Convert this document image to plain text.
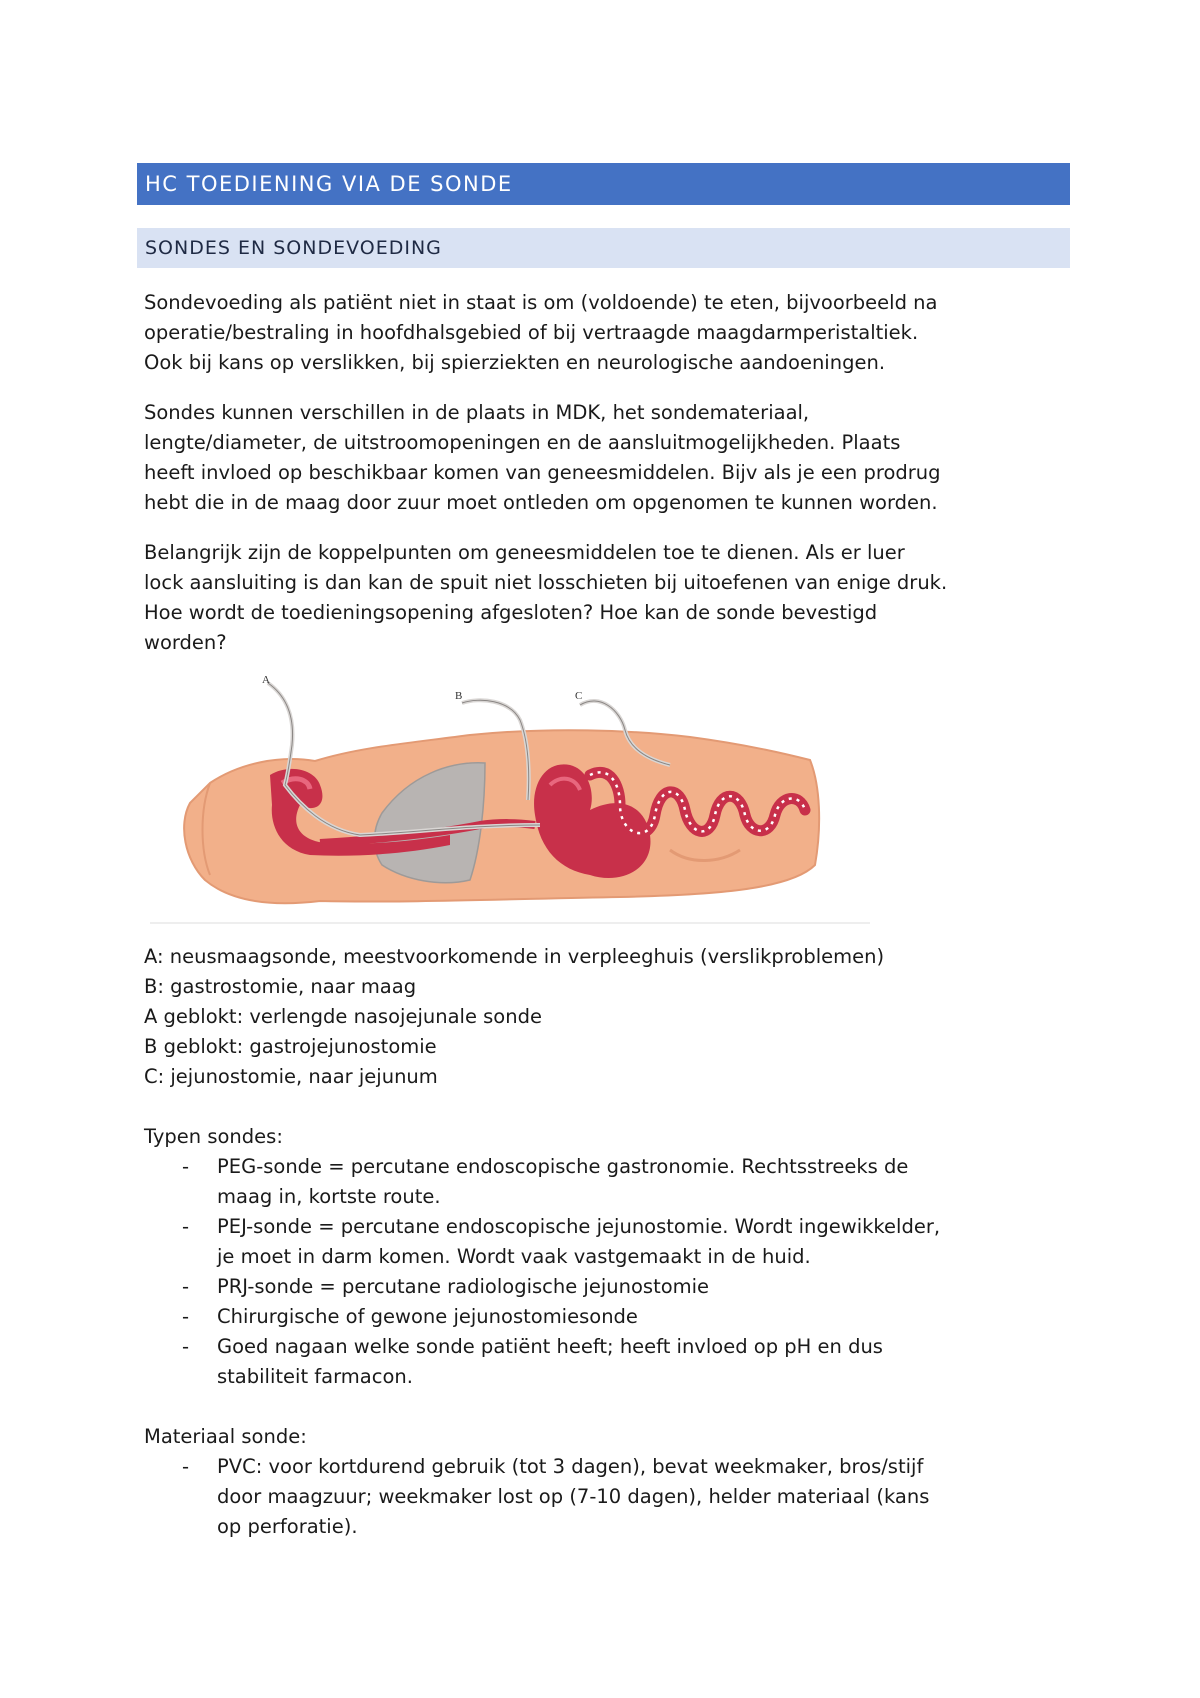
HC TOEDIENING VIA DE SONDE
SONDES EN SONDEVOEDING

Sondevoeding als patiënt niet in staat is om (voldoende) te eten, bijvoorbeeld na
operatie/bestraling in hoofdhalsgebied of bij vertraagde maagdarmperistaltiek.
Ook bij kans op verslikken, bij spierziekten en neurologische aandoeningen.

Sondes kunnen verschillen in de plaats in MDK, het sondemateriaal,
lengte/diameter, de uitstroomopeningen en de aansluitmogelijkheden. Plaats
heeft invloed op beschikbaar komen van geneesmiddelen. Bijv als je een prodrug
hebt die in de maag door zuur moet ontleden om opgenomen te kunnen worden.

Belangrijk zijn de koppelpunten om geneesmiddelen toe te dienen. Als er luer
lock aansluiting is dan kan de spuit niet losschieten bij uitoefenen van enige druk.
Hoe wordt de toedieningsopening afgesloten? Hoe kan de sonde bevestigd
worden?

A
B	C
A: neusmaagsonde, meestvoorkomende in verpleeghuis (verslikproblemen)
B: gastrostomie, naar maag
A geblokt: verlengde nasojejunale sonde
B geblokt: gastrojejunostomie
C: jejunostomie, naar jejunum
Typen sondes:
- PEG-sonde = percutane endoscopische gastronomie. Rechtsstreeks de
maag in, kortste route.
- PEJ-sonde = percutane endoscopische jejunostomie. Wordt ingewikkelder,
je moet in darm komen. Wordt vaak vastgemaakt in de huid.
- PRJ-sonde = percutane radiologische jejunostomie
- Chirurgische of gewone jejunostomiesonde
- Goed nagaan welke sonde patiënt heeft; heeft invloed op pH en dus
stabiliteit farmacon.
Materiaal sonde:
- PVC: voor kortdurend gebruik (tot 3 dagen), bevat weekmaker, bros/stijf
door maagzuur; weekmaker lost op (7-10 dagen), helder materiaal (kans
op perforatie).
